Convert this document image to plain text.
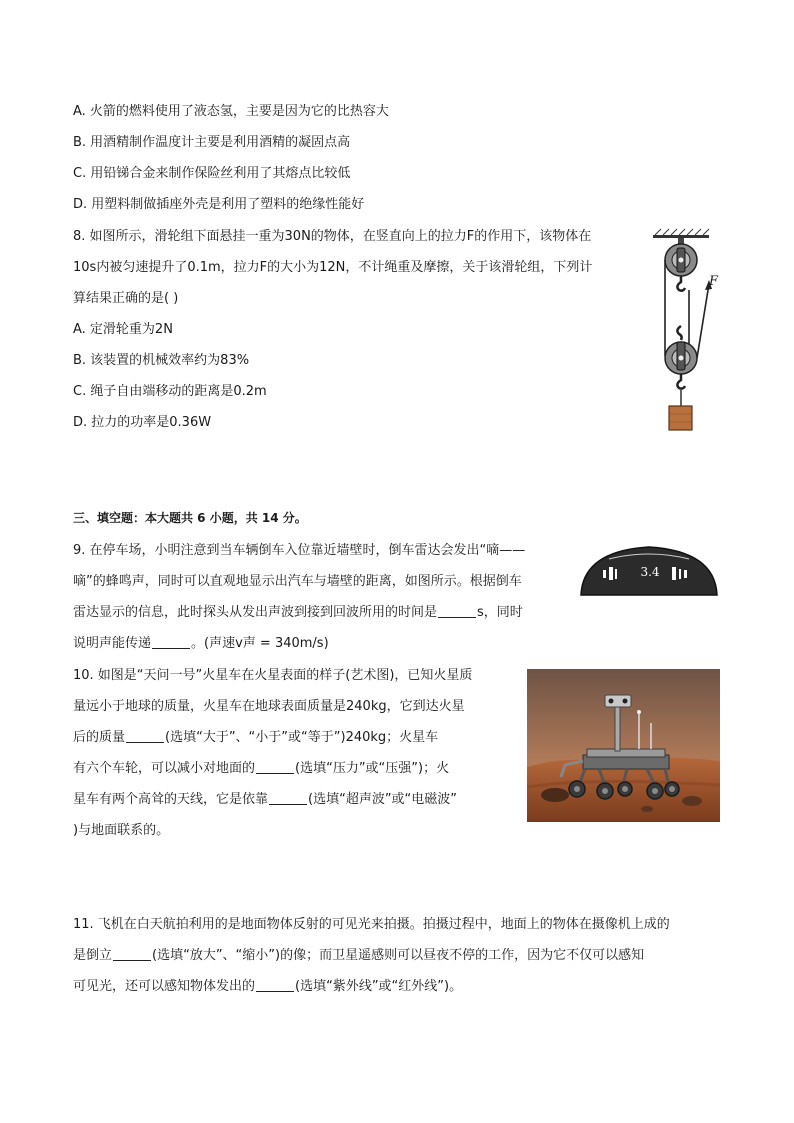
A. 火箭的燃料使用了液态氢，主要是因为它的比热容大
B. 用酒精制作温度计主要是利用酒精的凝固点高
C. 用铅锑合金来制作保险丝利用了其熔点比较低
D. 用塑料制做插座外壳是利用了塑料的绝缘性能好
8. 如图所示，滑轮组下面悬挂一重为30N的物体，在竖直向上的拉力F的作用下，该物体在
10s内被匀速提升了0.1m，拉力F的大小为12N，不计绳重及摩擦，关于该滑轮组，下列计
算结果正确的是( )
A. 定滑轮重为2N
B. 该装置的机械效率约为83%
C. 绳子自由端移动的距离是0.2m
D. 拉力的功率是0.36W
F
三、填空题：本大题共 6 小题，共 14 分。
9. 在停车场，小明注意到当车辆倒车入位靠近墙壁时，倒车雷达会发出“嘀——
嘀”的蜂鸣声，同时可以直观地显示出汽车与墙壁的距离，如图所示。根据倒车
雷达显示的信息，此时探头从发出声波到接到回波所用的时间是	s，同时
说明声能传递	。(声速v声 = 340m/s)
3.4
10. 如图是“天问一号”火星车在火星表面的样子(艺术图)，已知火星质
量远小于地球的质量，火星车在地球表面质量是240kg，它到达火星
后的质量	(选填“大于”、“小于”或“等于”)240kg；火星车
有六个车轮，可以减小对地面的	(选填“压力”或“压强”)；火
星车有两个高耸的天线，它是依靠	(选填“超声波”或“电磁波”
)与地面联系的。
11. 飞机在白天航拍利用的是地面物体反射的可见光来拍摄。拍摄过程中，地面上的物体在摄像机上成的
是倒立	(选填“放大”、“缩小”)的像；而卫星遥感则可以昼夜不停的工作，因为它不仅可以感知
可见光，还可以感知物体发出的	(选填“紫外线”或“红外线”)。
